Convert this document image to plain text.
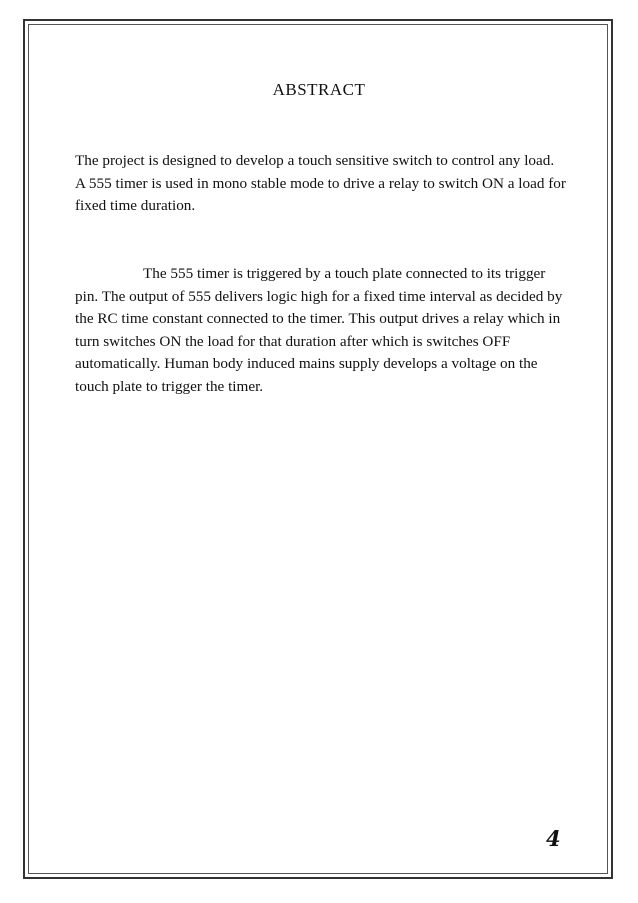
ABSTRACT

The project is designed to develop a touch sensitive switch to control any load. A 555 timer is used in mono stable mode to drive a relay to switch ON a load for fixed time duration.

The 555 timer is triggered by a touch plate connected to its trigger pin. The output of 555 delivers logic high for a fixed time interval as decided by the RC time constant connected to the timer. This output drives a relay which in turn switches ON the load for that duration after which is switches OFF automatically. Human body induced mains supply develops a voltage on the touch plate to trigger the timer.

4
